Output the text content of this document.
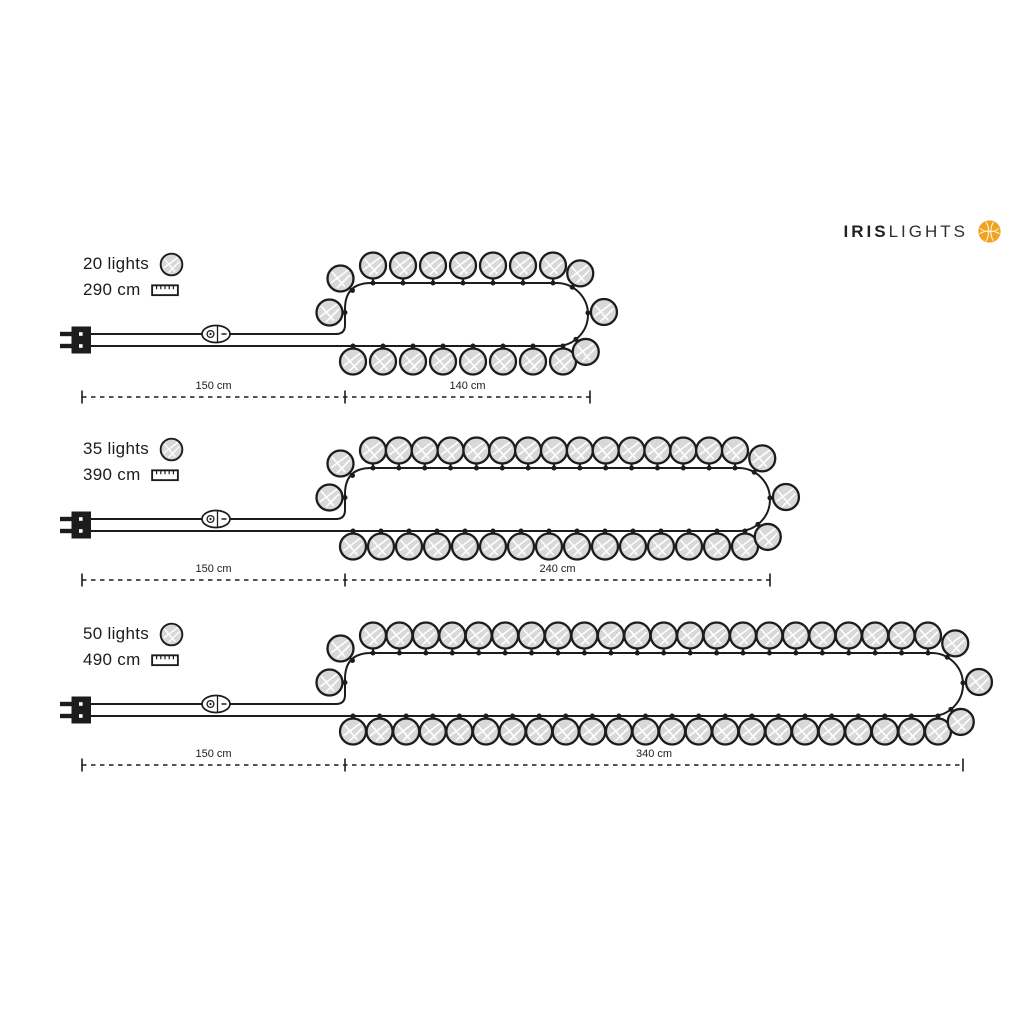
150 cm	140 cm
150 cm	240 cm
150 cm	340 cm
IRISLIGHTS
20 lights
290 cm
35 lights
390 cm
50 lights
490 cm
